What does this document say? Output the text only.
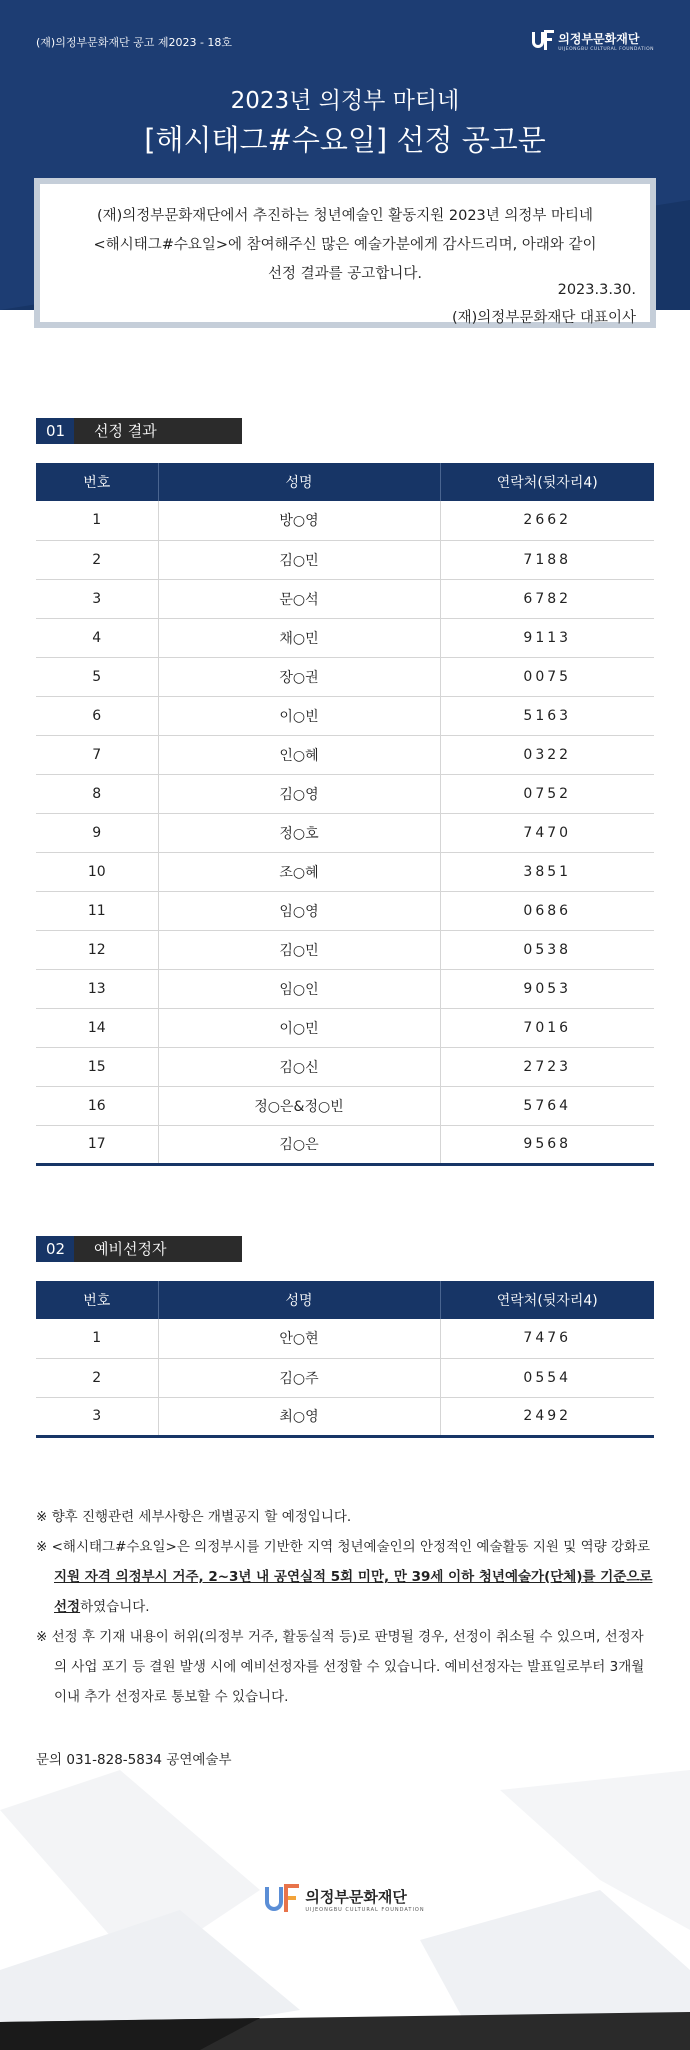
(재)의정부문화재단 공고 제2023 - 18호	의정부문화재단
UIJEONGBU CULTURAL FOUNDATION
2023년 의정부 마티네
[해시태그#수요일] 선정 공고문
(재)의정부문화재단에서 추진하는 청년예술인 활동지원 2023년 의정부 마티네
<해시태그#수요일>에 참여해주신 많은 예술가분에게 감사드리며, 아래와 같이
선정 결과를 공고합니다.
2023.3.30.
(재)의정부문화재단 대표이사
01	선정 결과
번호	성명	연락처(뒷자리4)
1	방○영	2662
2	김○민	7188
3	문○석	6782
4	채○민	9113
5	장○권	0075
6	이○빈	5163
7	인○혜	0322
8	김○영	0752
9	정○호	7470
10	조○혜	3851
11	임○영	0686
12	김○민	0538
13	임○인	9053
14	이○민	7016
15	김○신	2723
16	정○은&정○빈	5764
17	김○은	9568
02	예비선정자
번호	성명	연락처(뒷자리4)
1	안○현	7476
2	김○주	0554
3	최○영	2492
※ 향후 진행관련 세부사항은 개별공지 할 예정입니다.
※ <해시태그#수요일>은 의정부시를 기반한 지역 청년예술인의 안정적인 예술활동 지원 및 역량 강화로 지원 자격 의정부시 거주, 2~3년 내 공연실적 5회 미만, 만 39세 이하 청년예술가(단체)를 기준으로 선정하였습니다.
※ 선정 후 기재 내용이 허위(의정부 거주, 활동실적 등)로 판명될 경우, 선정이 취소될 수 있으며, 선정자의 사업 포기 등 결원 발생 시에 예비선정자를 선정할 수 있습니다. 예비선정자는 발표일로부터 3개월 이내 추가 선정자로 통보할 수 있습니다.
문의 031-828-5834 공연예술부
의정부문화재단
UIJEONGBU CULTURAL FOUNDATION
